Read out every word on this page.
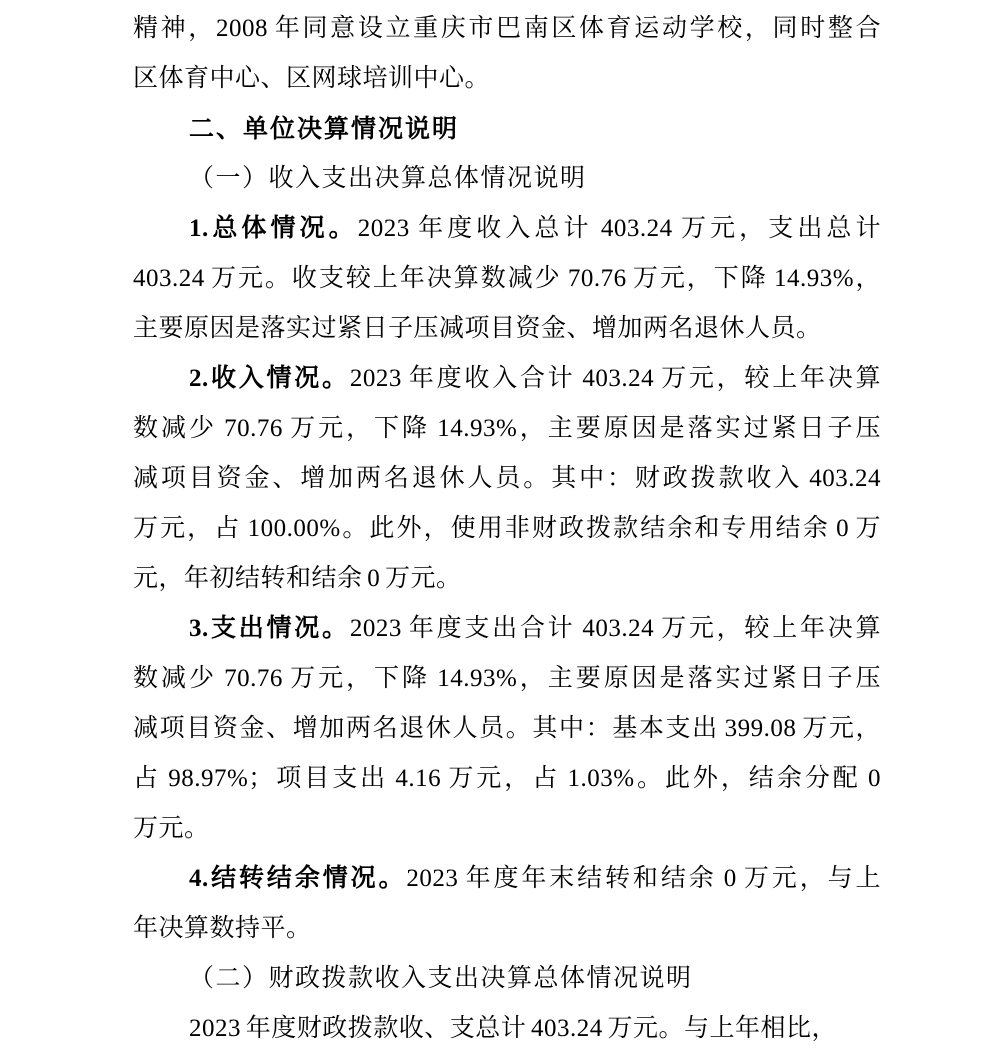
精神，2008 年同意设立重庆市巴南区体育运动学校，同时整合
区体育中心、区网球培训中心。
二、单位决算情况说明
（一）收入支出决算总体情况说明
1.总体情况。2023 年度收入总计 403.24 万元，支出总计
403.24 万元。收支较上年决算数减少 70.76 万元，下降 14.93%，
主要原因是落实过紧日子压减项目资金、增加两名退休人员。
2.收入情况。2023 年度收入合计 403.24 万元，较上年决算
数减少 70.76 万元，下降 14.93%，主要原因是落实过紧日子压
减项目资金、增加两名退休人员。其中：财政拨款收入 403.24
万元，占 100.00%。此外，使用非财政拨款结余和专用结余 0 万
元，年初结转和结余 0 万元。
3.支出情况。2023 年度支出合计 403.24 万元，较上年决算
数减少 70.76 万元，下降 14.93%，主要原因是落实过紧日子压
减项目资金、增加两名退休人员。其中：基本支出 399.08 万元，
占 98.97%；项目支出 4.16 万元，占 1.03%。此外，结余分配 0
万元。
4.结转结余情况。2023 年度年末结转和结余 0 万元，与上
年决算数持平。
（二）财政拨款收入支出决算总体情况说明
2023 年度财政拨款收、支总计 403.24 万元。与上年相比，
